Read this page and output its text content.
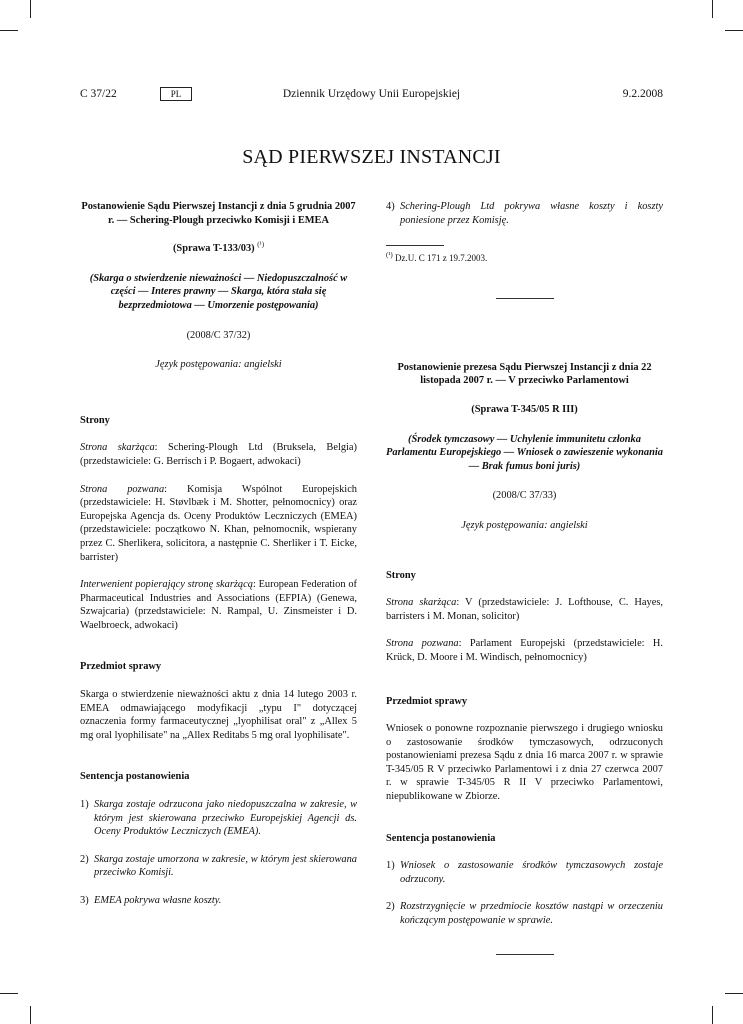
C 37/22	PL	Dziennik Urzędowy Unii Europejskiej	9.2.2008
SĄD PIERWSZEJ INSTANCJI

Postanowienie Sądu Pierwszej Instancji z dnia 5 grudnia 2007 r. — Schering-Plough przeciwko Komisji i EMEA

(Sprawa T-133/03) $^{(^1)}$

(Skarga o stwierdzenie nieważności — Niedopuszczalność w części — Interes prawny — Skarga, która stała się bezprzedmiotowa — Umorzenie postępowania)

(2008/C 37/32)

Język postępowania: angielski

Strony

Strona skarżąca: Schering-Plough Ltd (Bruksela, Belgia) (przedstawiciele: G. Berrisch i P. Bogaert, adwokaci)

Strona pozwana: Komisja Wspólnot Europejskich (przedstawiciele: H. Støvlbæk i M. Shotter, pełnomocnicy) oraz Europejska Agencja ds. Oceny Produktów Leczniczych (EMEA) (przedstawiciele: początkowo N. Khan, pełnomocnik, wspierany przez C. Sherlikera, solicitora, a następnie C. Sherliker i T. Eicke, barrister)

Interwenient popierający stronę skarżącą: European Federation of Pharmaceutical Industries and Associations (EFPIA) (Genewa, Szwajcaria) (przedstawiciele: N. Rampal, U. Zinsmeister i D. Waelbroeck, adwokaci)

Przedmiot sprawy

Skarga o stwierdzenie nieważności aktu z dnia 14 lutego 2003 r. EMEA odmawiającego modyfikacji „typu I" dotyczącej oznaczenia formy farmaceutycznej „lyophilisat oral" z „Allex 5 mg oral lyophilisate" na „Allex Reditabs 5 mg oral lyophilisate".

Sentencja postanowienia

1) Skarga zostaje odrzucona jako niedopuszczalna w zakresie, w którym jest skierowana przeciwko Europejskiej Agencji ds. Oceny Produktów Leczniczych (EMEA).
2) Skarga zostaje umorzona w zakresie, w którym jest skierowana przeciwko Komisji.
3) EMEA pokrywa własne koszty.
4) Schering-Plough Ltd pokrywa własne koszty i koszty poniesione przez Komisję.

$^{(^1)}$ Dz.U. C 171 z 19.7.2003.

Postanowienie prezesa Sądu Pierwszej Instancji z dnia 22 listopada 2007 r. — V przeciwko Parlamentowi

(Sprawa T-345/05 R III)

(Środek tymczasowy — Uchylenie immunitetu członka Parlamentu Europejskiego — Wniosek o zawieszenie wykonania — Brak fumus boni juris)

(2008/C 37/33)

Język postępowania: angielski

Strony

Strona skarżąca: V (przedstawiciele: J. Lofthouse, C. Hayes, barristers i M. Monan, solicitor)

Strona pozwana: Parlament Europejski (przedstawiciele: H. Krück, D. Moore i M. Windisch, pełnomocnicy)

Przedmiot sprawy

Wniosek o ponowne rozpoznanie pierwszego i drugiego wniosku o zastosowanie środków tymczasowych, odrzuconych postanowieniami prezesa Sądu z dnia 16 marca 2007 r. w sprawie T-345/05 R V przeciwko Parlamentowi i z dnia 27 czerwca 2007 r. w sprawie T-345/05 R II V przeciwko Parlamentowi, niepublikowane w Zbiorze.

Sentencja postanowienia

1) Wniosek o zastosowanie środków tymczasowych zostaje odrzucony.
2) Rozstrzygnięcie w przedmiocie kosztów nastąpi w orzeczeniu kończącym postępowanie w sprawie.
